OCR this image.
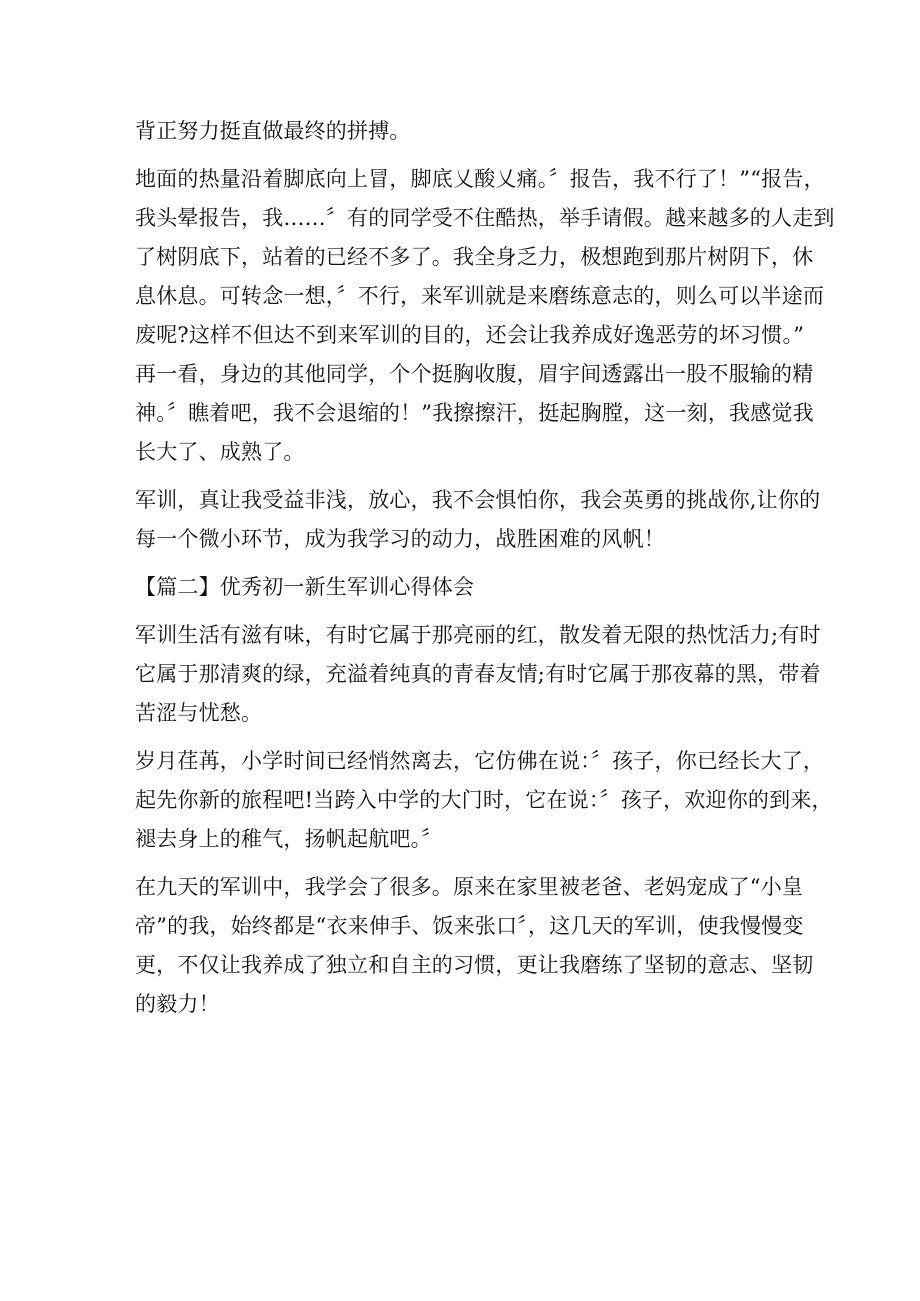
背正努力挺直做最终的拼搏。

地面的热量沿着脚底向上冒，脚底乂酸乂痛。〞报告，我不行了！”“报告，
我头晕报告，我……〞有的同学受不住酷热，举手请假。越来越多的人走到
了树阴底下，站着的已经不多了。我全身乏力，极想跑到那片树阴下，休
息休息。可转念一想，〞不行，来军训就是来磨练意志的，则么可以半途而
废呢?这样不但达不到来军训的目的，还会让我养成好逸恶劳的坏习惯。”
再一看，身边的其他同学，个个挺胸收腹，眉宇间透露出一股不服输的精
神。〞瞧着吧，我不会退缩的！”我擦擦汗，挺起胸膛，这一刻，我感觉我
长大了、成熟了。

军训，真让我受益非浅，放心，我不会惧怕你，我会英勇的挑战你,让你的
每一个微小环节，成为我学习的动力，战胜困难的风帆！

【篇二】优秀初一新生军训心得体会

军训生活有滋有味，有时它属于那亮丽的红，散发着无限的热忱活力;有时
它属于那清爽的绿，充溢着纯真的青春友情;有时它属于那夜幕的黑，带着
苦涩与忧愁。

岁月荏苒，小学时间已经悄然离去，它仿佛在说：〞孩子，你已经长大了，
起先你新的旅程吧!当跨入中学的大门时，它在说：〞孩子，欢迎你的到来，
褪去身上的稚气，扬帆起航吧。〞

在九天的军训中，我学会了很多。原来在家里被老爸、老妈宠成了“小皇
帝”的我，始终都是“衣来伸手、饭来张口〞，这几天的军训，使我慢慢变
更，不仅让我养成了独立和自主的习惯，更让我磨练了坚韧的意志、坚韧
的毅力！
